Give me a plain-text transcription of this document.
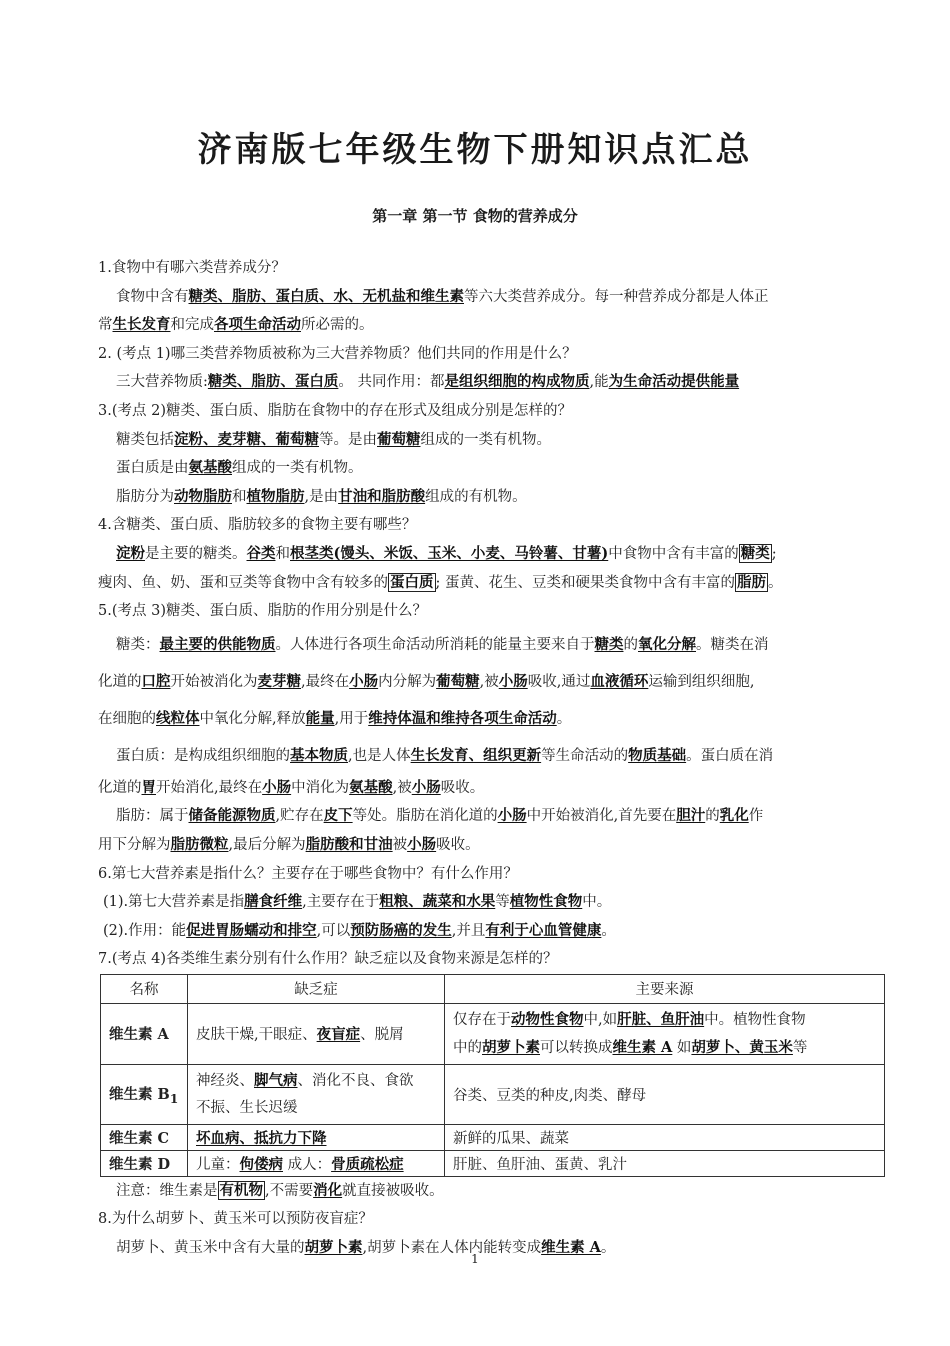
济南版七年级生物下册知识点汇总
第一章 第一节 食物的营养成分
1.食物中有哪六类营养成分？
食物中含有糖类、脂肪、蛋白质、水、无机盐和维生素等六大类营养成分。每一种营养成分都是人体正
常生长发育和完成各项生命活动所必需的。
2. (考点 1)哪三类营养物质被称为三大营养物质？他们共同的作用是什么？
三大营养物质:糖类、脂肪、蛋白质。 共同作用：都是组织细胞的构成物质,能为生命活动提供能量
3.(考点 2)糖类、蛋白质、脂肪在食物中的存在形式及组成分别是怎样的？
糖类包括淀粉、麦芽糖、葡萄糖等。是由葡萄糖组成的一类有机物。
蛋白质是由氨基酸组成的一类有机物。
脂肪分为动物脂肪和植物脂肪,是由甘油和脂肪酸组成的有机物。
4.含糖类、蛋白质、脂肪较多的食物主要有哪些？
淀粉是主要的糖类。谷类和根茎类(馒头、米饭、玉米、小麦、马铃薯、甘薯)中食物中含有丰富的 糖类 ;
瘦肉、鱼、奶、蛋和豆类等食物中含有较多的 蛋白质 ; 蛋黄、花生、豆类和硬果类食物中含有丰富的 脂肪 。
5.(考点 3)糖类、蛋白质、脂肪的作用分别是什么？
糖类：最主要的供能物质。人体进行各项生命活动所消耗的能量主要来自于糖类的氧化分解。糖类在消
化道的口腔开始被消化为麦芽糖,最终在小肠内分解为葡萄糖,被小肠吸收,通过血液循环运输到组织细胞,
在细胞的线粒体中氧化分解,释放能量,用于维持体温和维持各项生命活动。
蛋白质：是构成组织细胞的基本物质,也是人体生长发育、组织更新等生命活动的物质基础。蛋白质在消
化道的胃开始消化,最终在小肠中消化为氨基酸,被小肠吸收。
脂肪：属于储备能源物质,贮存在皮下等处。脂肪在消化道的小肠中开始被消化,首先要在胆汁的乳化作
用下分解为脂肪微粒,最后分解为脂肪酸和甘油被小肠吸收。
6.第七大营养素是指什么？主要存在于哪些食物中？有什么作用？
(1).第七大营养素是指膳食纤维,主要存在于粗粮、蔬菜和水果等植物性食物中。
(2).作用：能促进胃肠蠕动和排空,可以预防肠癌的发生,并且有利于心血管健康。
7.(考点 4)各类维生素分别有什么作用？缺乏症以及食物来源是怎样的？
名称	缺乏症	主要来源
维生素 A	皮肤干燥,干眼症、夜盲症、脱屑	仅存在于动物性食物中,如肝脏、鱼肝油中。植物性食物
中的胡萝卜素可以转换成维生素 A 如胡萝卜、黄玉米等

维生素 $B_1$	神经炎、脚气病、消化不良、食欲
不振、生长迟缓	谷类、豆类的种皮,肉类、酵母
维生素 C	坏血病、抵抗力下降	新鲜的瓜果、蔬菜
维生素 D	儿童：佝偻病 成人：骨质疏松症	肝脏、鱼肝油、蛋黄、乳汁
注意：维生素是 有机物 ,不需要消化就直接被吸收。
8.为什么胡萝卜、黄玉米可以预防夜盲症？
胡萝卜、黄玉米中含有大量的胡萝卜素,胡萝卜素在人体内能转变成维生素 A。
1
